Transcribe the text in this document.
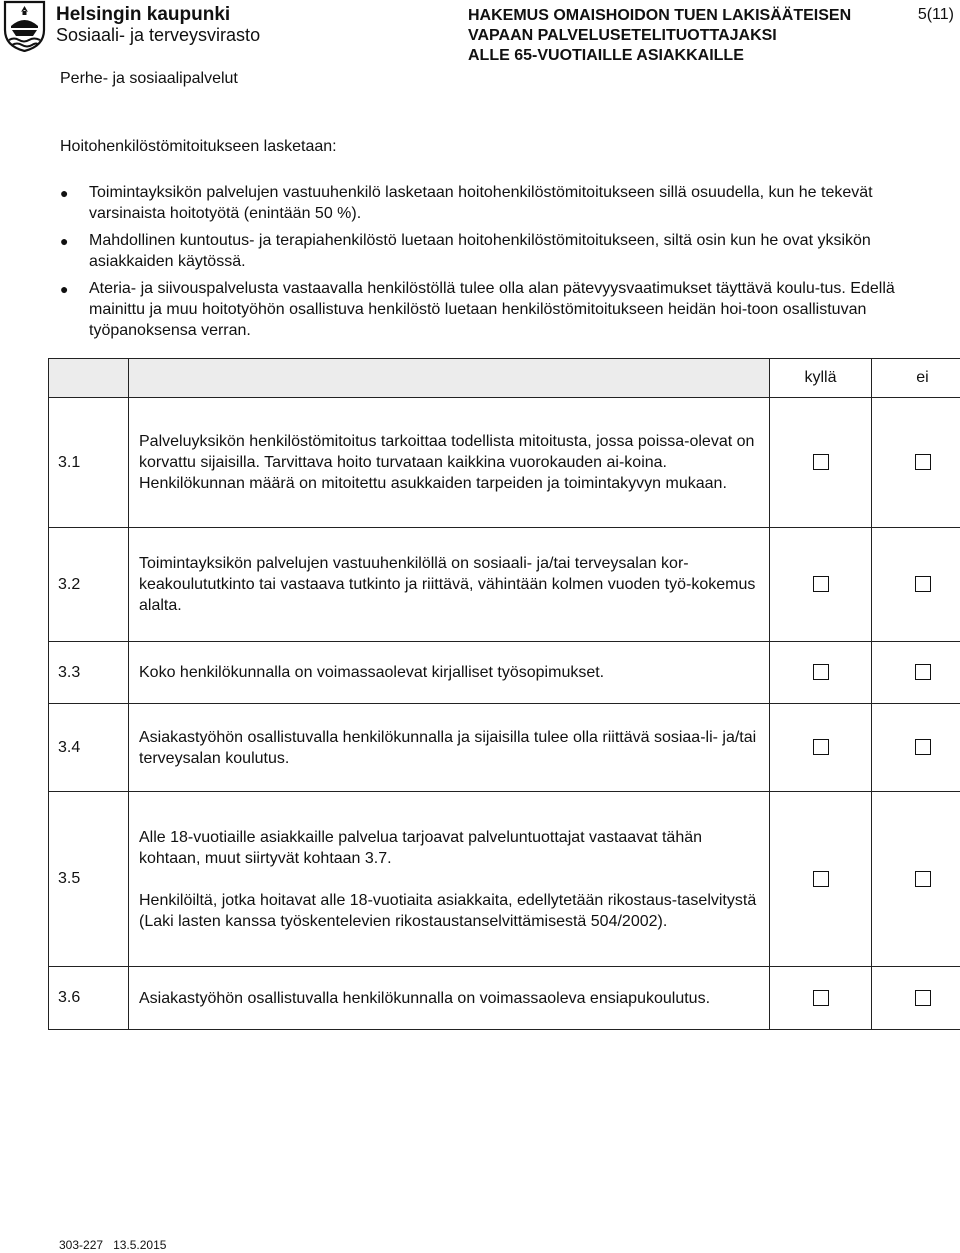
Helsingin kaupunki
Sosiaali- ja terveysvirasto
Perhe- ja sosiaalipalvelut
HAKEMUS OMAISHOIDON TUEN LAKISÄÄTEISEN
VAPAAN PALVELUSETELITUOTTAJAKSI
ALLE 65-VUOTIAILLE ASIAKKAILLE
5(11)
Hoitohenkilöstömitoitukseen lasketaan:
● Toimintayksikön palvelujen vastuuhenkilö lasketaan hoitohenkilöstömitoitukseen sillä osuudella, kun he tekevät varsinaista hoitotyötä (enintään 50 %).
● Mahdollinen kuntoutus- ja terapiahenkilöstö luetaan hoitohenkilöstömitoitukseen, siltä osin kun he ovat yksikön asiakkaiden käytössä.
● Ateria- ja siivouspalvelusta vastaavalla henkilöstöllä tulee olla alan pätevyysvaatimukset täyttävä koulu-tus. Edellä mainittu ja muu hoitotyöhön osallistuva henkilöstö luetaan henkilöstömitoitukseen heidän hoi-toon osallistuvan työpanoksensa verran.
		kyllä	ei
3.1	Palveluyksikön henkilöstömitoitus tarkoittaa todellista mitoitusta, jossa poissa-olevat on korvattu sijaisilla. Tarvittava hoito turvataan kaikkina vuorokauden ai-koina. Henkilökunnan määrä on mitoitettu asukkaiden tarpeiden ja toimintakyvyn mukaan.		
3.2	Toimintayksikön palvelujen vastuuhenkilöllä on sosiaali- ja/tai terveysalan kor-keakoulututkinto tai vastaava tutkinto ja riittävä, vähintään kolmen vuoden työ-kokemus alalta.		
3.3	Koko henkilökunnalla on voimassaolevat kirjalliset työsopimukset.		
3.4	Asiakastyöhön osallistuvalla henkilökunnalla ja sijaisilla tulee olla riittävä sosiaa-li- ja/tai terveysalan koulutus.		
3.5	Alle 18-vuotiaille asiakkaille palvelua tarjoavat palveluntuottajat vastaavat tähän kohtaan, muut siirtyvät kohtaan 3.7.
Henkilöiltä, jotka hoitavat alle 18-vuotiaita asiakkaita, edellytetään rikostaus-taselvitystä (Laki lasten kanssa työskentelevien rikostaustanselvittämisestä 504/2002).		

3.6	Asiakastyöhön osallistuvalla henkilökunnalla on voimassaoleva ensiapukoulutus.		
303-227 13.5.2015
